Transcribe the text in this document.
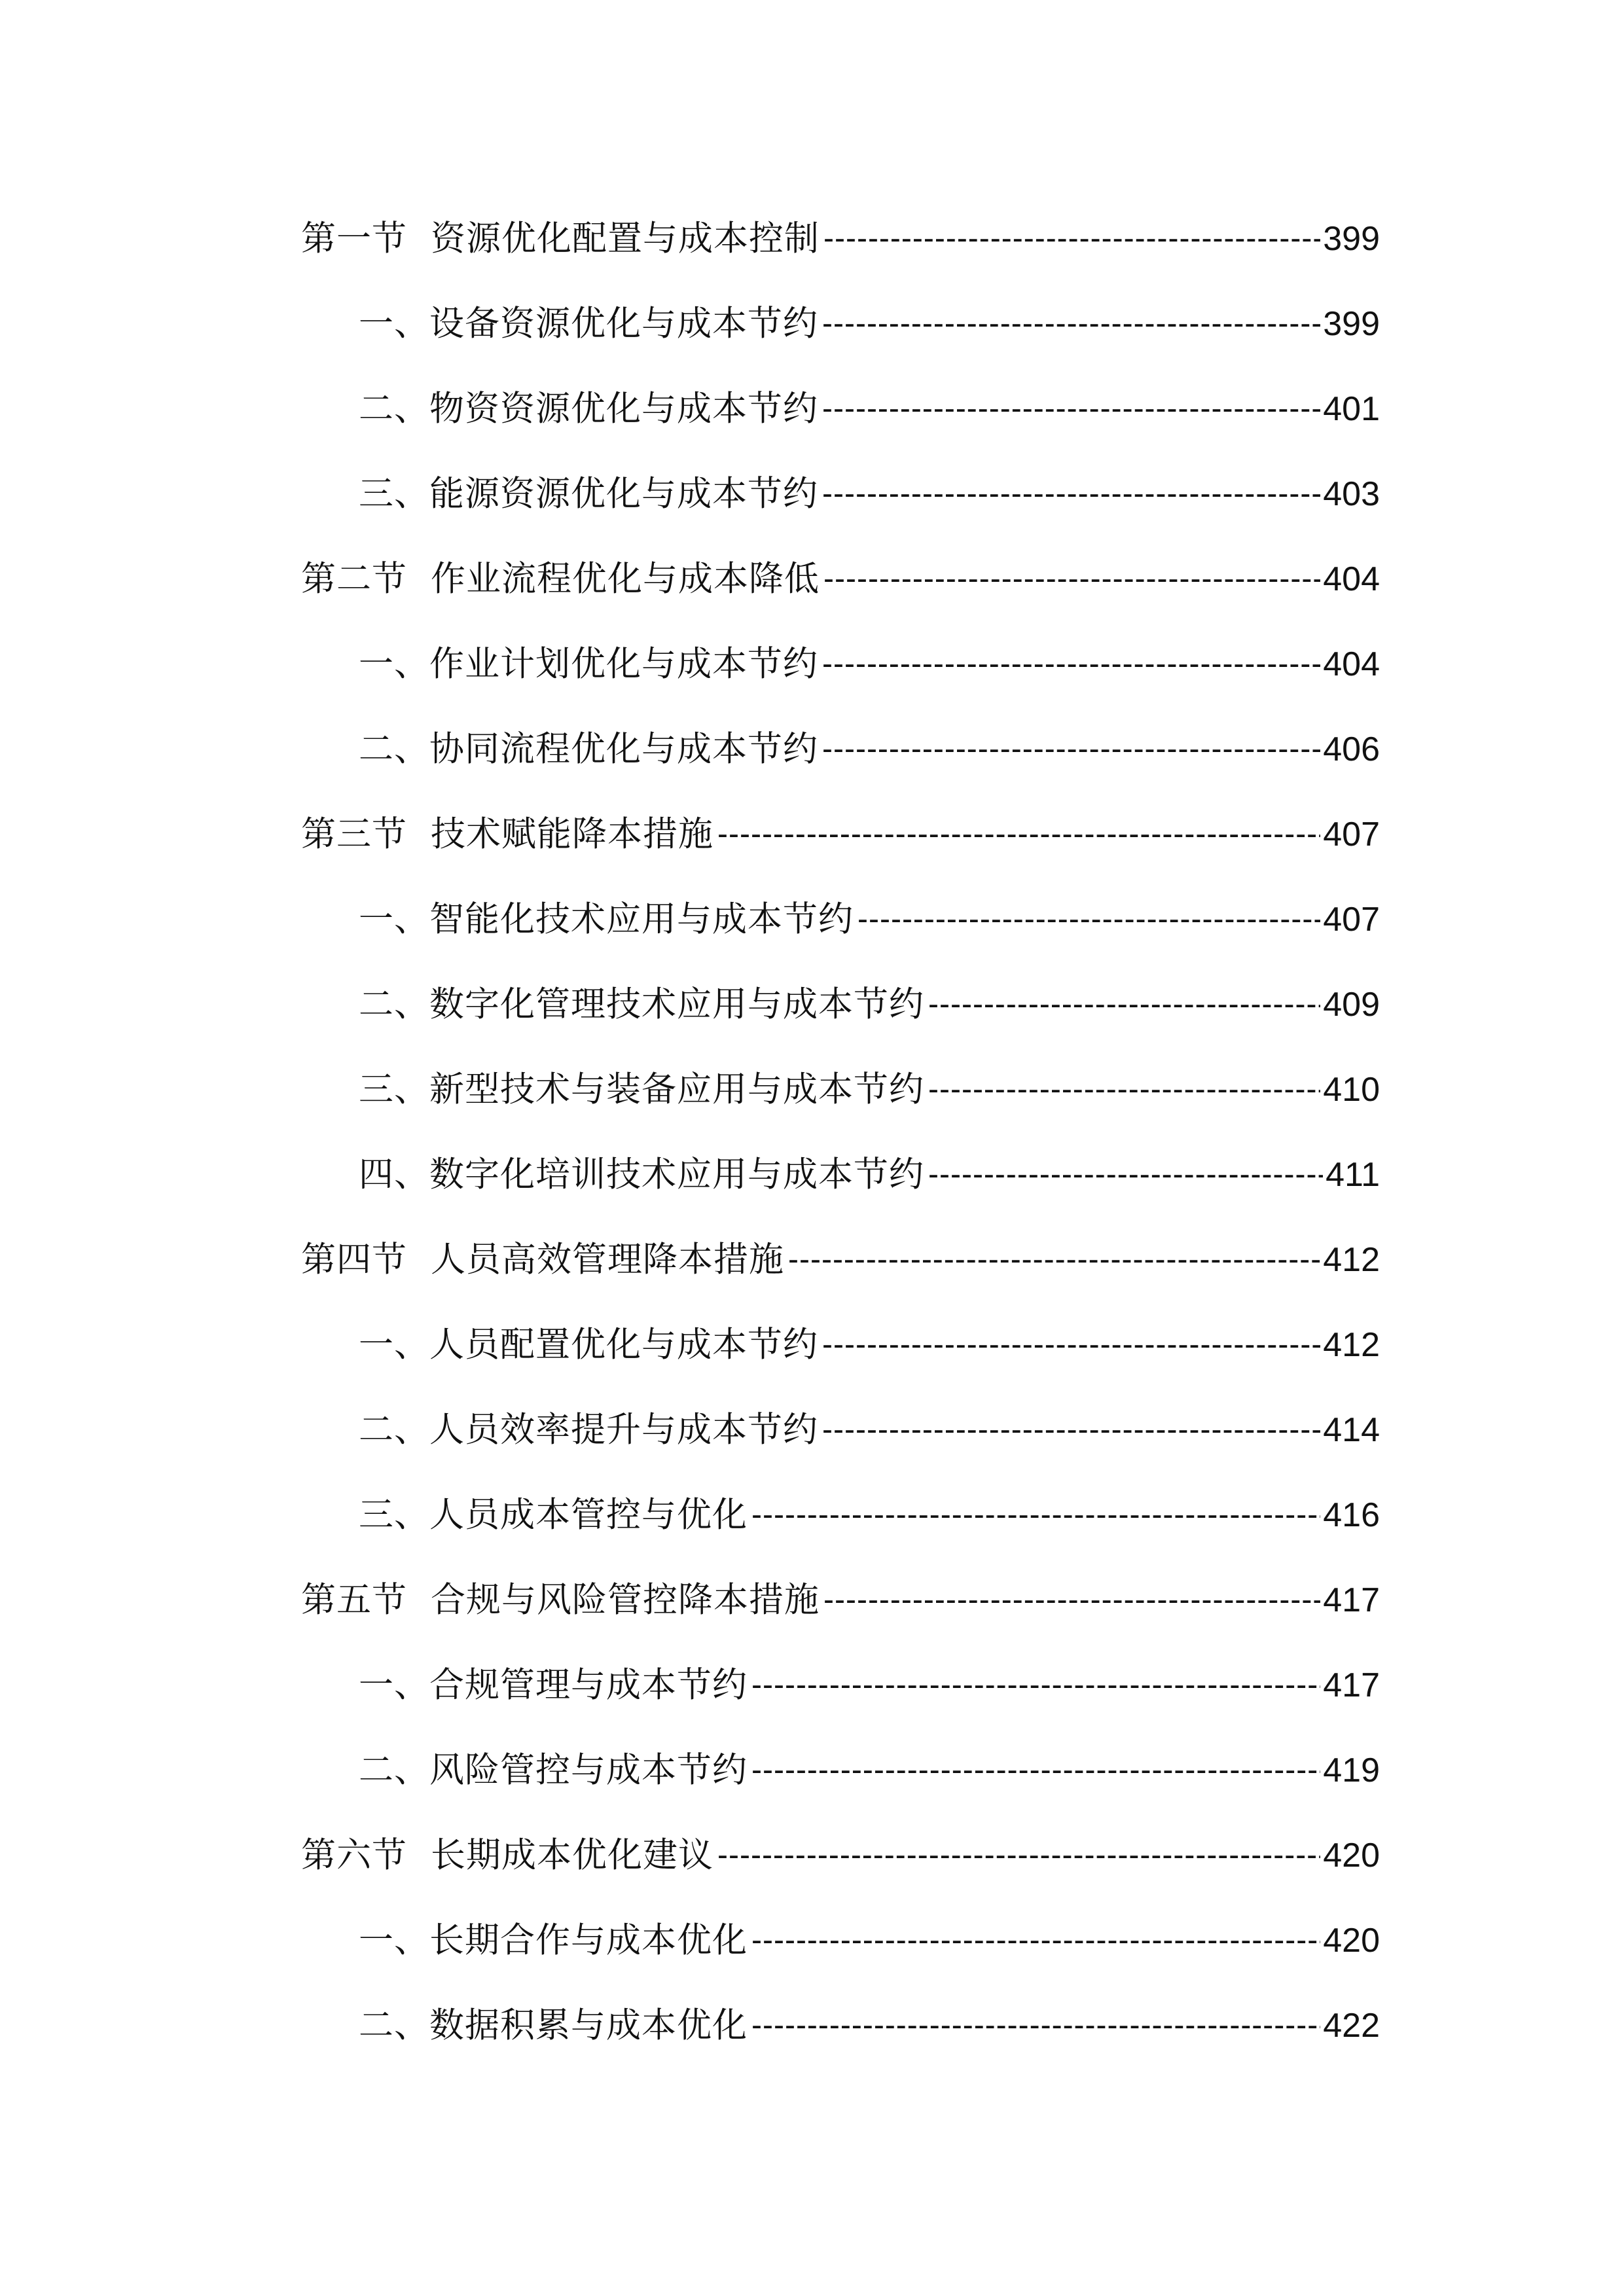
第一节 资源优化配置与成本控制 -----	399
一、设备资源优化与成本节约 -----	399
二、物资资源优化与成本节约 -----	401
三、能源资源优化与成本节约 -----	403
第二节 作业流程优化与成本降低 -----	404
一、作业计划优化与成本节约 -----	404
二、协同流程优化与成本节约 -----	406
第三节 技术赋能降本措施 -----	407
一、智能化技术应用与成本节约 -----	407
二、数字化管理技术应用与成本节约 -----	409
三、新型技术与装备应用与成本节约 -----	410
四、数字化培训技术应用与成本节约 -----	411
第四节 人员高效管理降本措施 -----	412
一、人员配置优化与成本节约 -----	412
二、人员效率提升与成本节约 -----	414
三、人员成本管控与优化 -----	416
第五节 合规与风险管控降本措施 -----	417
一、合规管理与成本节约 -----	417
二、风险管控与成本节约 -----	419
第六节 长期成本优化建议 -----	420
一、长期合作与成本优化 -----	420
二、数据积累与成本优化 -----	422
